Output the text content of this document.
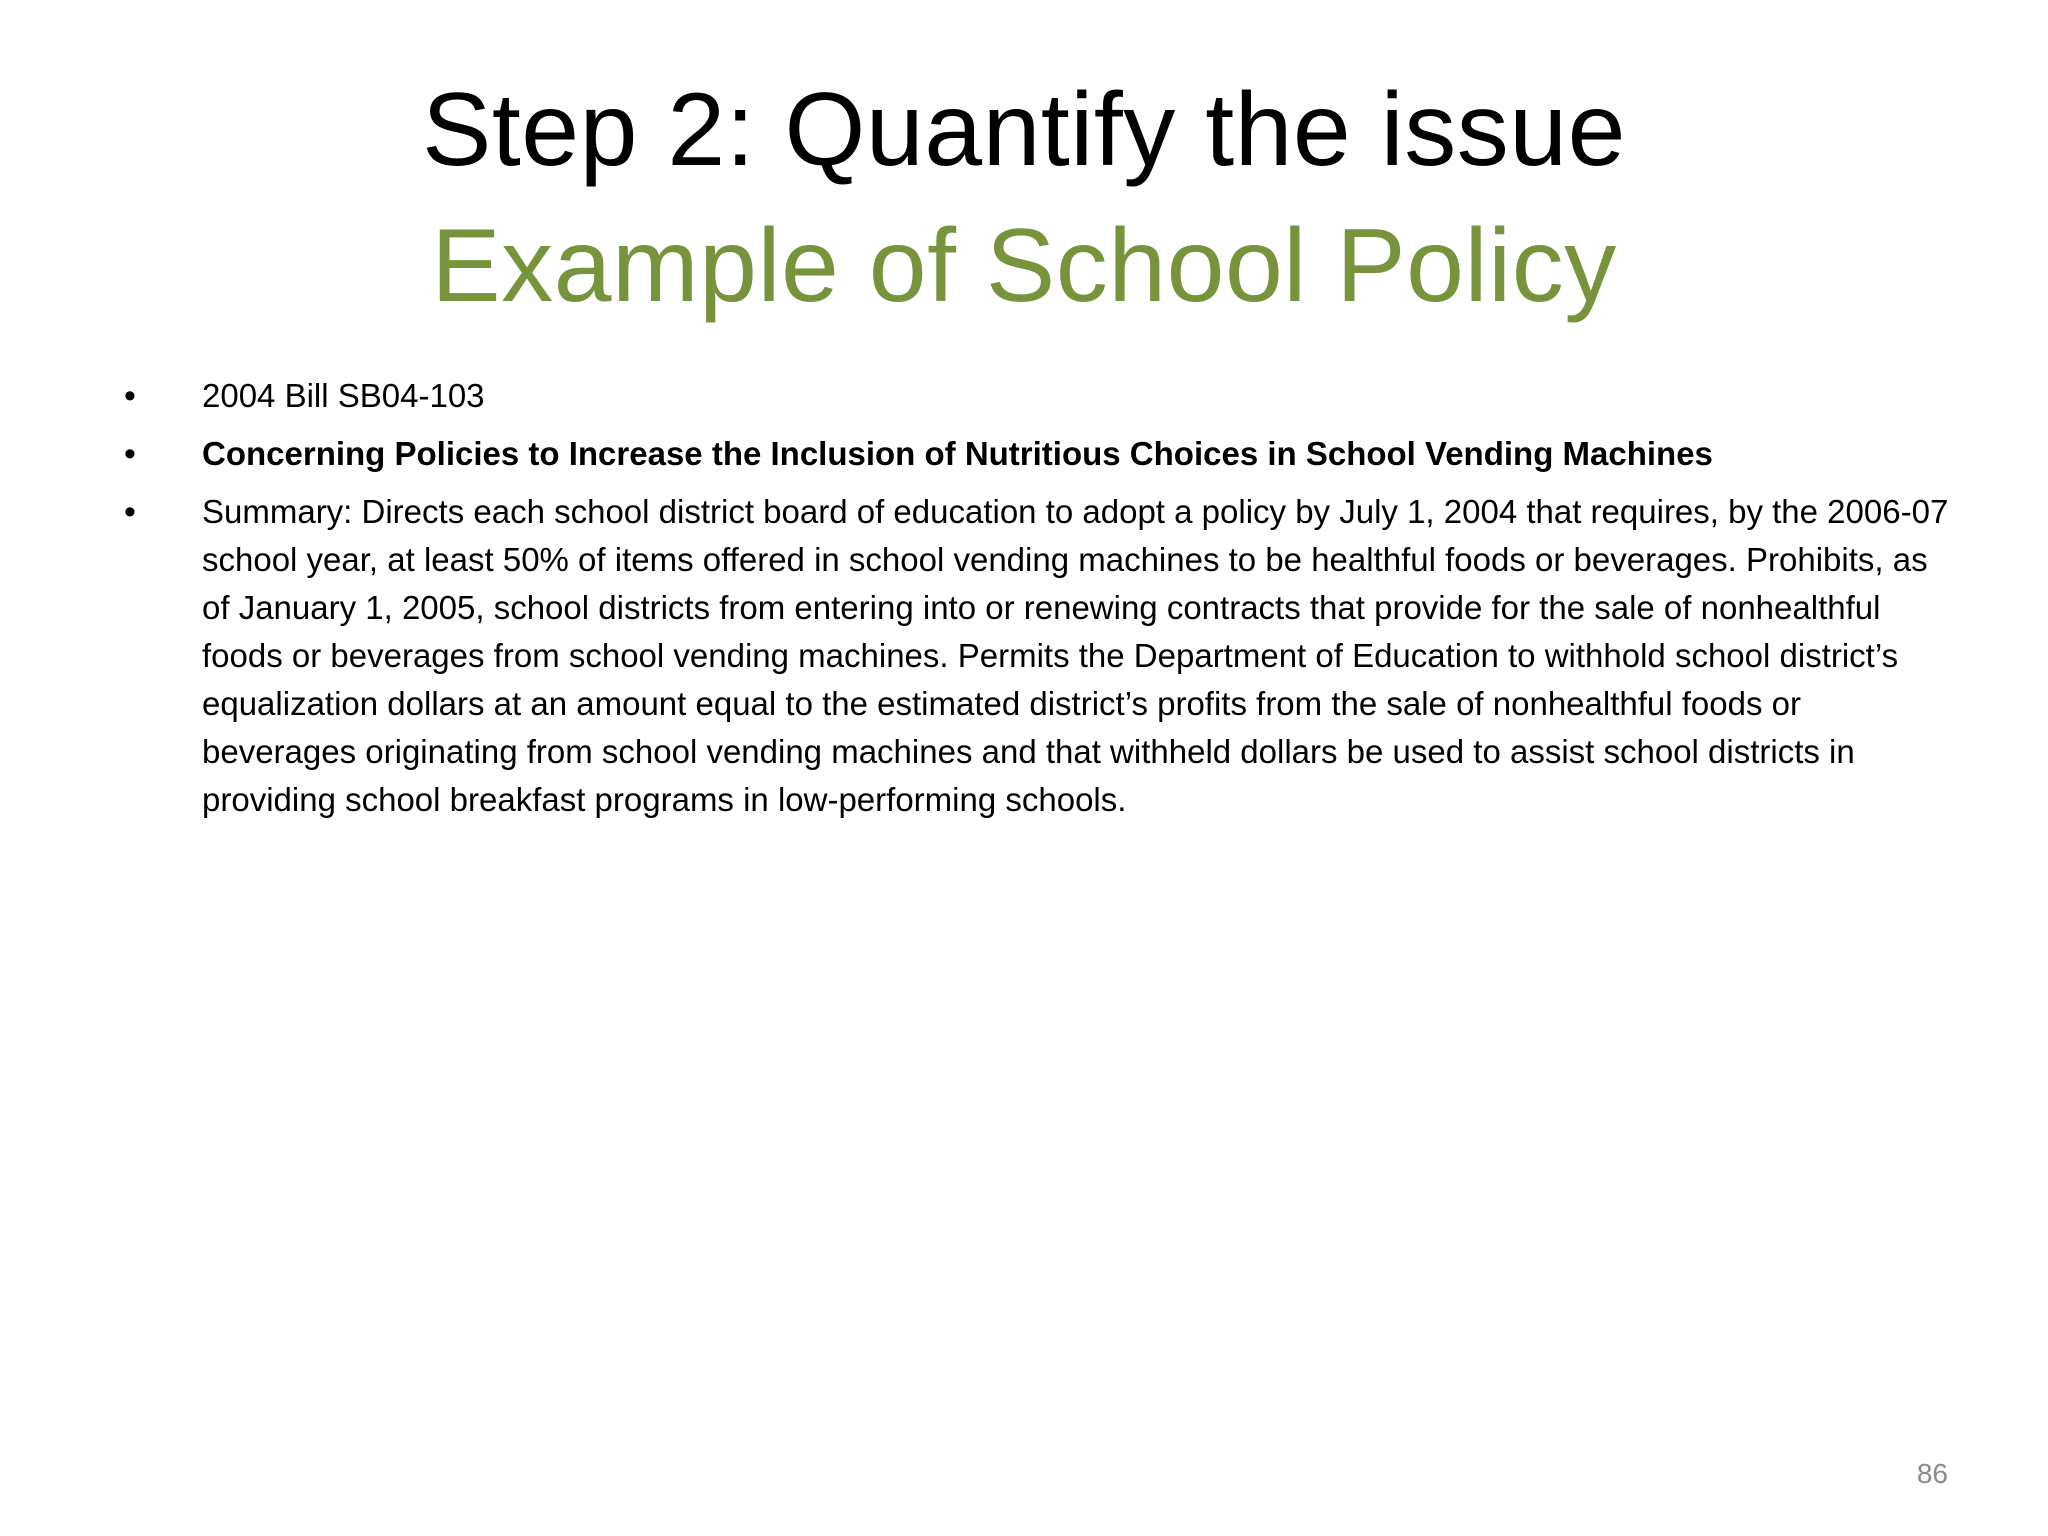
Step 2: Quantify the issue
Example of School Policy
•	2004 Bill SB04-103
•	Concerning Policies to Increase the Inclusion of Nutritious Choices in School Vending Machines
•	Summary: Directs each school district board of education to adopt a policy by July 1, 2004 that requires, by the 2006-07 school year, at least 50% of items offered in school vending machines to be healthful foods or beverages. Prohibits, as of January 1, 2005, school districts from entering into or renewing contracts that provide for the sale of nonhealthful foods or beverages from school vending machines. Permits the Department of Education to withhold school district’s equalization dollars at an amount equal to the estimated district’s profits from the sale of nonhealthful foods or beverages originating from school vending machines and that withheld dollars be used to assist school districts in providing school breakfast programs in low-performing schools.
86
